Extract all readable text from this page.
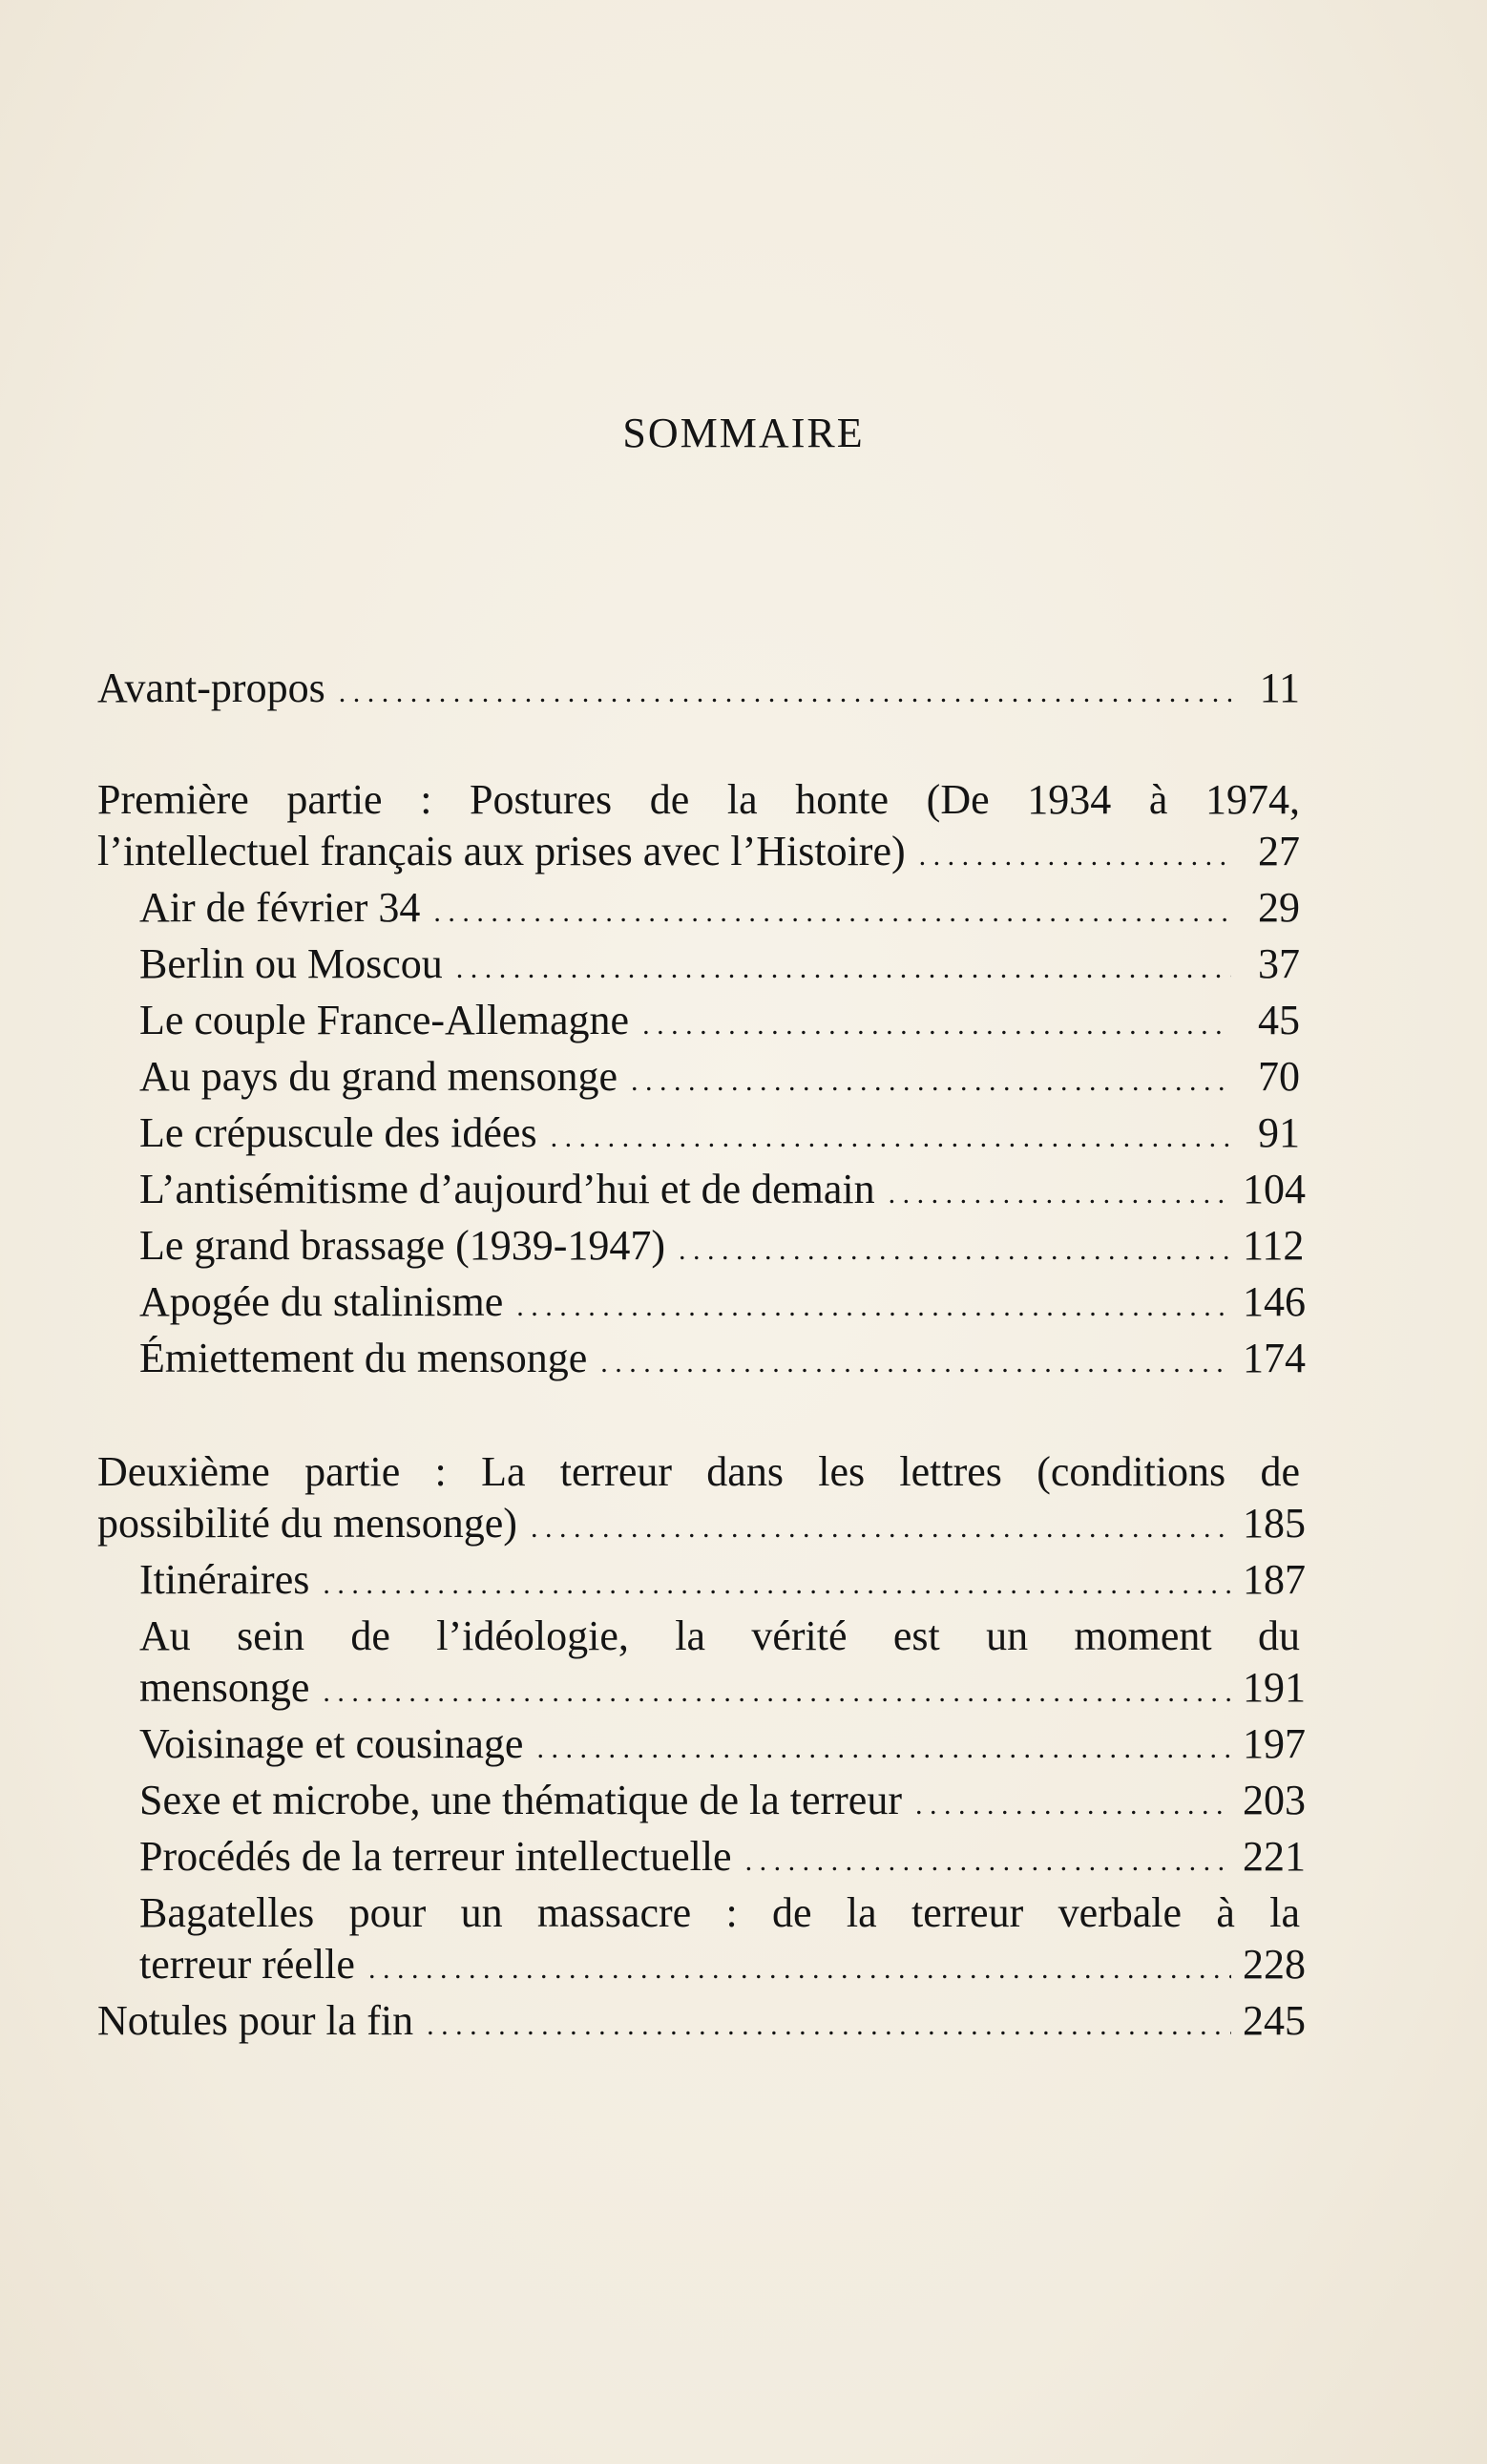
SOMMAIRE
Avant-propos . . .	11
Première partie : Postures de la honte (De 1934 à 1974,
l’intellectuel français aux prises avec l’Histoire) . . .	27
Air de février 34 . . .	29
Berlin ou Moscou . . .	37
Le couple France-Allemagne . . .	45
Au pays du grand mensonge . . .	70
Le crépuscule des idées . . .	91
L’antisémitisme d’aujourd’hui et de demain . . .	104
Le grand brassage (1939-1947) . . .	112
Apogée du stalinisme . . .	146
Émiettement du mensonge . . .	174
Deuxième partie : La terreur dans les lettres (conditions de
possibilité du mensonge) . . .	185
Itinéraires . . .	187
Au sein de l’idéologie, la vérité est un moment du
mensonge . . .	191
Voisinage et cousinage . . .	197
Sexe et microbe, une thématique de la terreur . . .	203
Procédés de la terreur intellectuelle . . .	221
Bagatelles pour un massacre : de la terreur verbale à la
terreur réelle . . .	228
Notules pour la fin . . .	245
